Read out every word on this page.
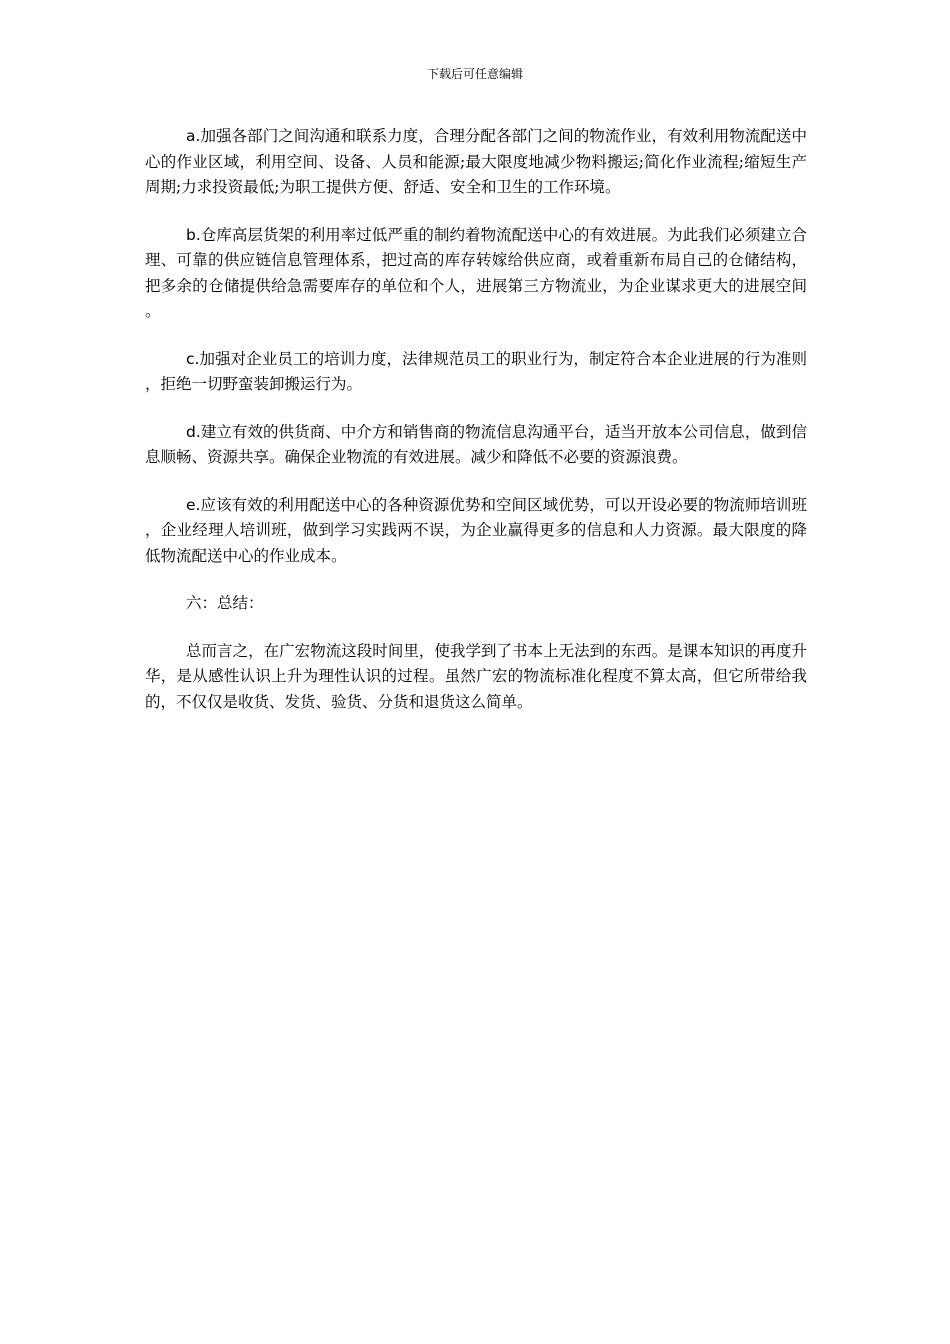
下载后可任意编辑

a.加强各部门之间沟通和联系力度，合理分配各部门之间的物流作业，有效利用物流配送中心的作业区域，利用空间、设备、人员和能源;最大限度地减少物料搬运;简化作业流程;缩短生产周期;力求投资最低;为职工提供方便、舒适、安全和卫生的工作环境。

b.仓库高层货架的利用率过低严重的制约着物流配送中心的有效进展。为此我们必须建立合理、可靠的供应链信息管理体系，把过高的库存转嫁给供应商，或着重新布局自己的仓储结构，把多余的仓储提供给急需要库存的单位和个人，进展第三方物流业，为企业谋求更大的进展空间。

c.加强对企业员工的培训力度，法律规范员工的职业行为，制定符合本企业进展的行为准则，拒绝一切野蛮装卸搬运行为。

d.建立有效的供货商、中介方和销售商的物流信息沟通平台，适当开放本公司信息，做到信息顺畅、资源共享。确保企业物流的有效进展。减少和降低不必要的资源浪费。

e.应该有效的利用配送中心的各种资源优势和空间区域优势，可以开设必要的物流师培训班，企业经理人培训班，做到学习实践两不误，为企业赢得更多的信息和人力资源。最大限度的降低物流配送中心的作业成本。

六：总结：

总而言之，在广宏物流这段时间里，使我学到了书本上无法到的东西。是课本知识的再度升华，是从感性认识上升为理性认识的过程。虽然广宏的物流标准化程度不算太高，但它所带给我的，不仅仅是收货、发货、验货、分货和退货这么简单。
